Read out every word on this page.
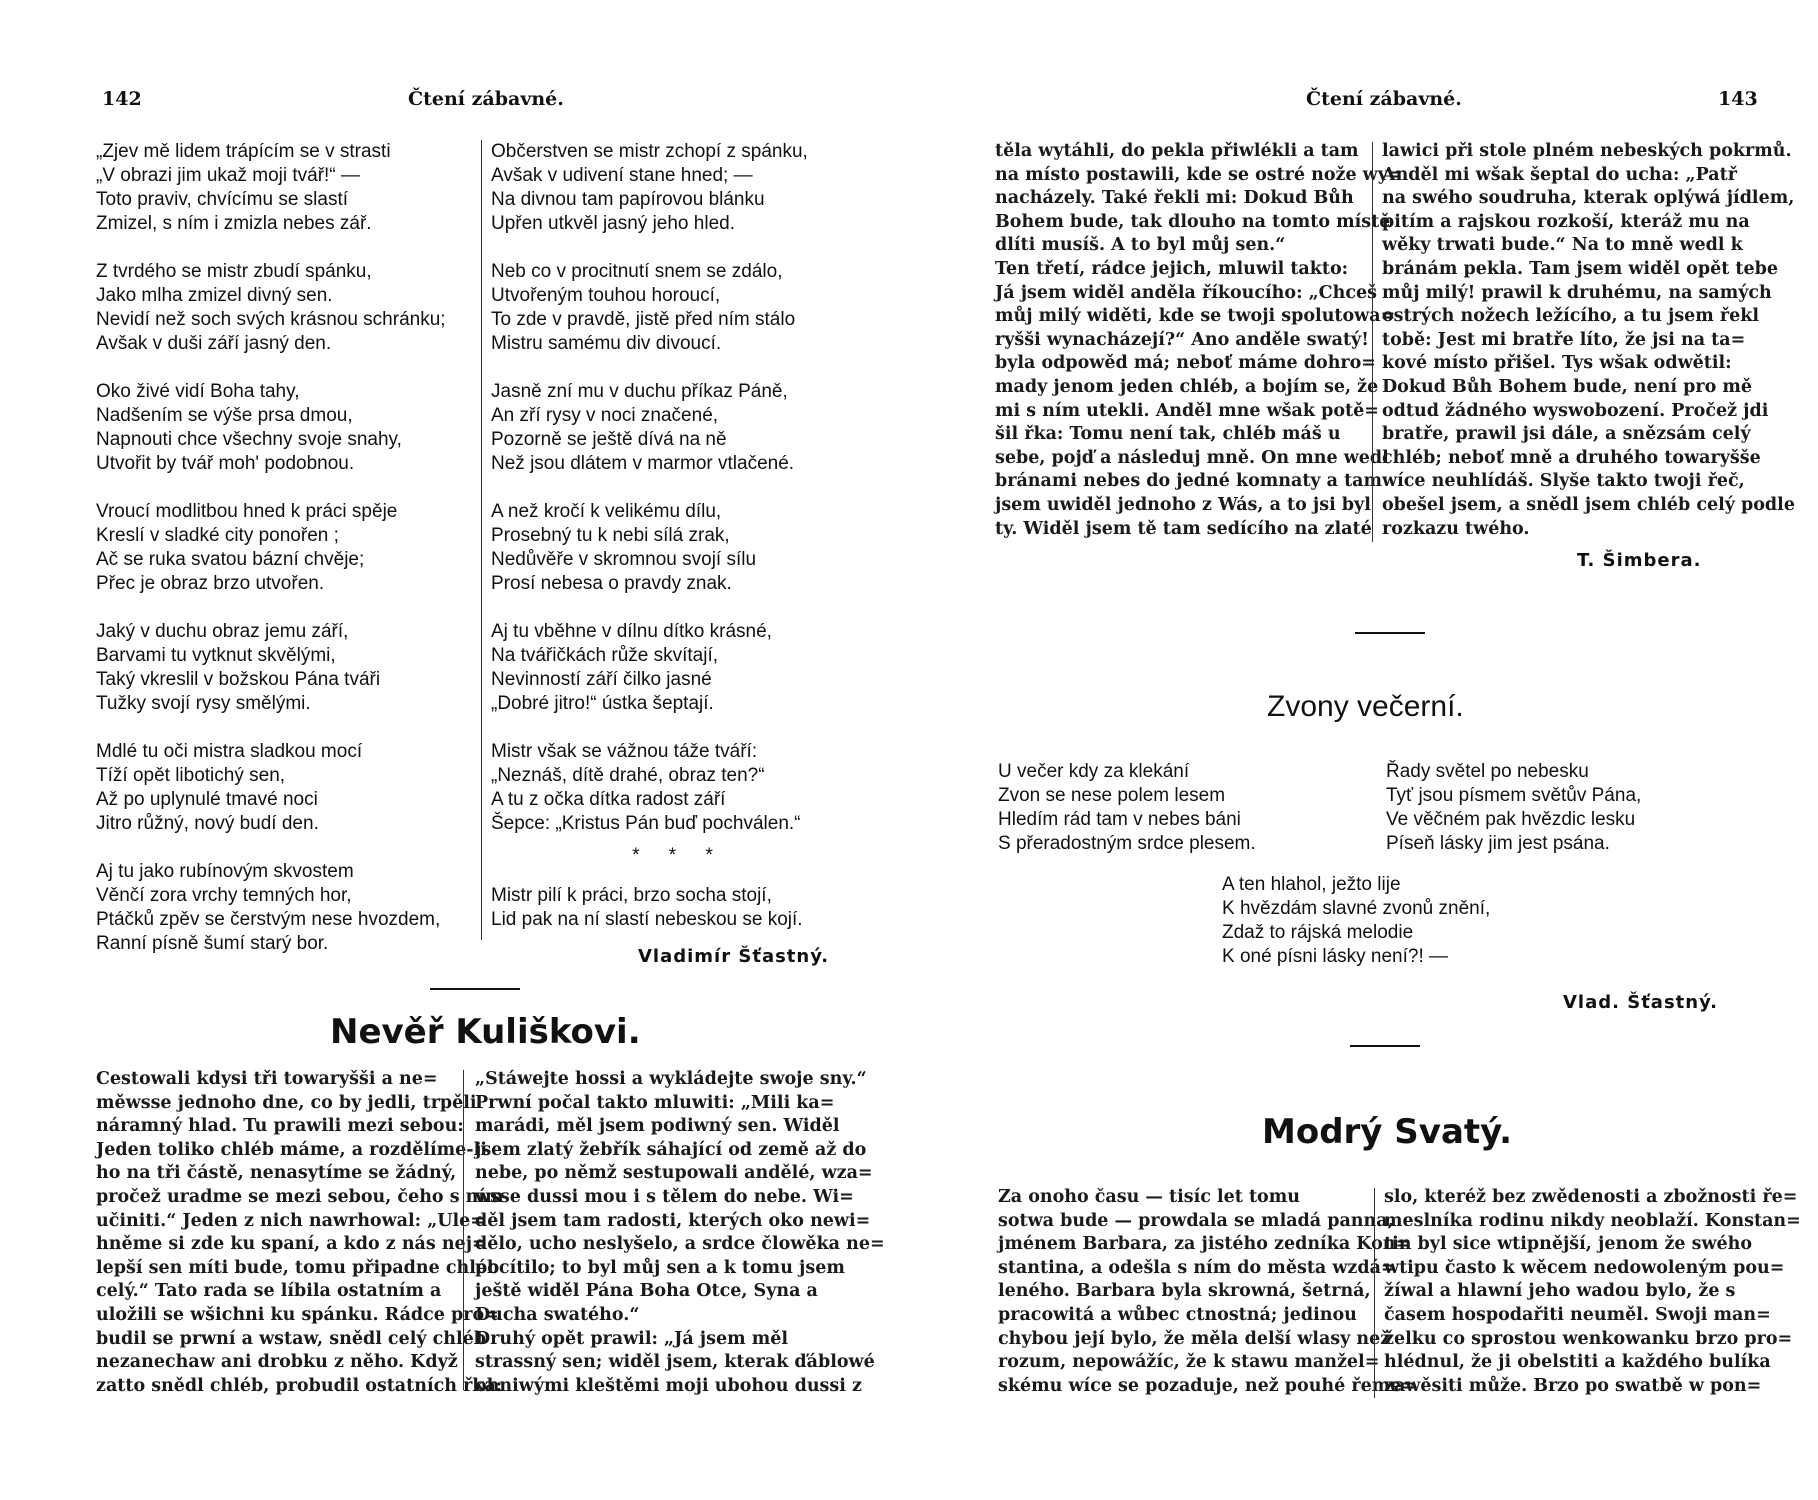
142	Čtení zábavné.
„Zjev mě lidem trápícím se v strasti
„V obrazi jim ukaž moji tvář!“ —
Toto praviv, chvícímu se slastí
Zmizel, s ním i zmizla nebes zář.
Z tvrdého se mistr zbudí spánku,
Jako mlha zmizel divný sen.
Nevidí než soch svých krásnou schránku;
Avšak v duši září jasný den.
Oko živé vidí Boha tahy,
Nadšením se výše prsa dmou,
Napnouti chce všechny svoje snahy,
Utvořit by tvář moh' podobnou.
Vroucí modlitbou hned k práci spěje
Kreslí v sladké city ponořen ;
Ač se ruka svatou bázní chvěje;
Přec je obraz brzo utvořen.
Jaký v duchu obraz jemu září,
Barvami tu vytknut skvělými,
Taký vkreslil v božskou Pána tváři
Tužky svojí rysy smělými.
Mdlé tu oči mistra sladkou mocí
Tíží opět libotichý sen,
Až po uplynulé tmavé noci
Jitro růžný, nový budí den.
Aj tu jako rubínovým skvostem
Věnčí zora vrchy temných hor,
Ptáčků zpěv se čerstvým nese hvozdem,
Ranní písně šumí starý bor.
Občerstven se mistr zchopí z spánku,
Avšak v udivení stane hned; —
Na divnou tam papírovou blánku
Upřen utkvěl jasný jeho hled.
Neb co v procitnutí snem se zdálo,
Utvořeným touhou horoucí,
To zde v pravdě, jistě před ním stálo
Mistru samému div divoucí.
Jasně zní mu v duchu příkaz Páně,
An zří rysy v noci značené,
Pozorně se ještě dívá na ně
Než jsou dlátem v marmor vtlačené.
A než kročí k velikému dílu,
Prosebný tu k nebi sílá zrak,
Nedůvěře v skromnou svojí sílu
Prosí nebesa o pravdy znak.
Aj tu vběhne v dílnu dítko krásné,
Na tvářičkách růže skvítají,
Nevinností září čilko jasné
„Dobré jitro!“ ústka šeptají.
Mistr však se vážnou táže tváří:
„Neznáš, dítě drahé, obraz ten?“
A tu z očka dítka radost září
Šepce: „Kristus Pán buď pochválen.“
* * *
Mistr pilí k práci, brzo socha stojí,
Lid pak na ní slastí nebeskou se kojí.
Vladimír Šťastný.
Nevěř Kuliškovi.
Cestowali kdysi tři towaryšši a ne=
měwsse jednoho dne, co by jedli, trpěli
náramný hlad. Tu prawili mezi sebou:
Jeden toliko chléb máme, a rozdělíme-li
ho na tři částě, nenasytíme se žádný,
pročež uradme se mezi sebou, čeho s ním
učiniti.“ Jeden z nich nawrhowal: „Ule=
hněme si zde ku spaní, a kdo z nás nej=
lepší sen míti bude, tomu připadne chléb
celý.“ Tato rada se líbila ostatním a
uložili se wšichni ku spánku. Rádce pro=
budil se prwní a wstaw, snědl celý chléb
nezanechaw ani drobku z něho. Když
zatto snědl chléb, probudil ostatních řka:
„Stáwejte hossi a wykládejte swoje sny.“
Prwní počal takto mluwiti: „Mili ka=
marádi, měl jsem podiwný sen. Widěl
jsem zlatý žebřík sáhající od země až do
nebe, po němž sestupowali andělé, wza=
wsse dussi mou i s tělem do nebe. Wi=
děl jsem tam radosti, kterých oko newi=
dělo, ucho neslyšelo, a srdce člowěka ne=
pocítilo; to byl můj sen a k tomu jsem
ještě widěl Pána Boha Otce, Syna a
Ducha swatého.“
Druhý opět prawil: „Já jsem měl
strassný sen; widěl jsem, kterak ďáblowé
ohniwými kleštěmi moji ubohou dussi z
Čtení zábavné.	143
těla wytáhli, do pekla přiwlékli a tam
na místo postawili, kde se ostré nože wy=
nacházely. Také řekli mi: Dokud Bůh
Bohem bude, tak dlouho na tomto místě
dlíti musíš. A to byl můj sen.“
Ten třetí, rádce jejich, mluwil takto:
Já jsem widěl anděla říkoucího: „Chceš
můj milý widěti, kde se twoji spolutowa=
ryšši wynacházejí?“ Ano anděle swatý!
byla odpowěd má; neboť máme dohro=
mady jenom jeden chléb, a bojím se, že
mi s ním utekli. Anděl mne wšak potě=
šil řka: Tomu není tak, chléb máš u
sebe, pojď a následuj mně. On mne wedl
bránami nebes do jedné komnaty a tam
jsem uwiděl jednoho z Wás, a to jsi byl
ty. Widěl jsem tě tam sedícího na zlaté
lawici při stole plném nebeských pokrmů.
Anděl mi wšak šeptal do ucha: „Patř
na swého soudruha, kterak oplýwá jídlem,
pitím a rajskou rozkoší, kteráž mu na
wěky trwati bude.“ Na to mně wedl k
bránám pekla. Tam jsem widěl opět tebe
můj milý! prawil k druhému, na samých
ostrých nožech ležícího, a tu jsem řekl
tobě: Jest mi bratře líto, že jsi na ta=
kové místo přišel. Tys wšak odwětil:
Dokud Bůh Bohem bude, není pro mě
odtud žádného wyswobození. Pročež jdi
bratře, prawil jsi dále, a snězsám celý
chléb; neboť mně a druhého towaryšše
wíce neuhlídáš. Slyše takto twoji řeč,
obešel jsem, a snědl jsem chléb celý podle
rozkazu twého.
T. Šimbera.
Zvony večerní.
U večer kdy za klekání
Zvon se nese polem lesem
Hledím rád tam v nebes báni
S přeradostným srdce plesem.
Řady světel po nebesku
Tyť jsou písmem světův Pána,
Ve věčném pak hvězdic lesku
Píseň lásky jim jest psána.
A ten hlahol, ježto lije
K hvězdám slavné zvonů znění,
Zdaž to rájská melodie
K oné písni lásky není?! —
Vlad. Šťastný.
Modrý Svatý.
Za onoho času — tisíc let tomu
sotwa bude — prowdala se mladá panna,
jménem Barbara, za jistého zedníka Kon=
stantina, a odešla s ním do města wzdá=
leného. Barbara byla skrowná, šetrná,
pracowitá a wůbec ctnostná; jedinou
chybou její bylo, že měla delší wlasy než
rozum, nepowážíc, že k stawu manžel=
skému wíce se pozaduje, než pouhé řeme=
slo, kteréž bez zwědenosti a zbožnosti ře=
meslníka rodinu nikdy neoblaží. Konstan=
tin byl sice wtipnější, jenom že swého
wtipu často k wěcem nedowoleným pou=
žíwal a hlawní jeho wadou bylo, že s
časem hospodařiti neuměl. Swoji man=
želku co sprostou wenkowanku brzo pro=
hlédnul, že ji obelstiti a každého bulíka
zawěsiti může. Brzo po swatbě w pon=
